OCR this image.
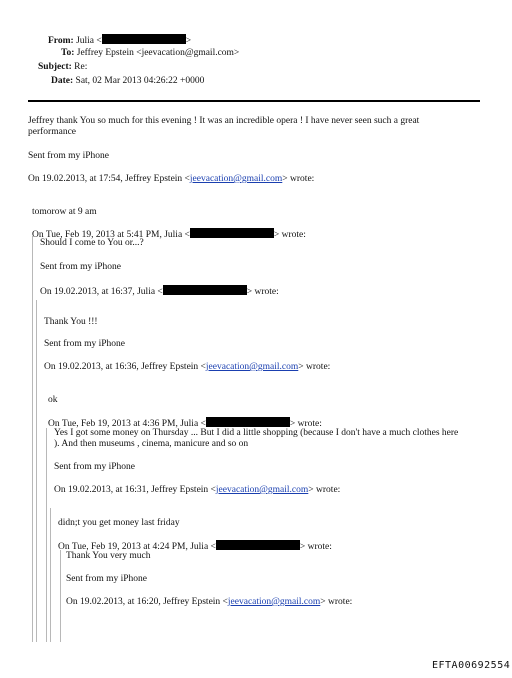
From: Julia <	>
To: Jeffrey Epstein <jeevacation@gmail.com>
Subject: Re:
Date: Sat, 02 Mar 2013 04:26:22 +0000
Jeffrey thank You so much for this evening ! It was an incredible opera ! I have never seen such a great performance
Sent from my iPhone
On 19.02.2013, at 17:54, Jeffrey Epstein <jeevacation@gmail.com> wrote:
tomorow at 9 am
On Tue, Feb 19, 2013 at 5:41 PM, Julia <	> wrote:
Should I come to You or...?
Sent from my iPhone
On 19.02.2013, at 16:37, Julia <	> wrote:
Thank You !!!
Sent from my iPhone
On 19.02.2013, at 16:36, Jeffrey Epstein <jeevacation@gmail.com> wrote:
ok
On Tue, Feb 19, 2013 at 4:36 PM, Julia <	> wrote:
Yes I got some money on Thursday ... But I did a little shopping (because I don't have a much clothes here ). And then museums , cinema, manicure and so on
Sent from my iPhone
On 19.02.2013, at 16:31, Jeffrey Epstein <jeevacation@gmail.com> wrote:
didn;t you get money last friday
On Tue, Feb 19, 2013 at 4:24 PM, Julia <	> wrote:
Thank You very much
Sent from my iPhone
On 19.02.2013, at 16:20, Jeffrey Epstein <jeevacation@gmail.com> wrote:
EFTA00692554
